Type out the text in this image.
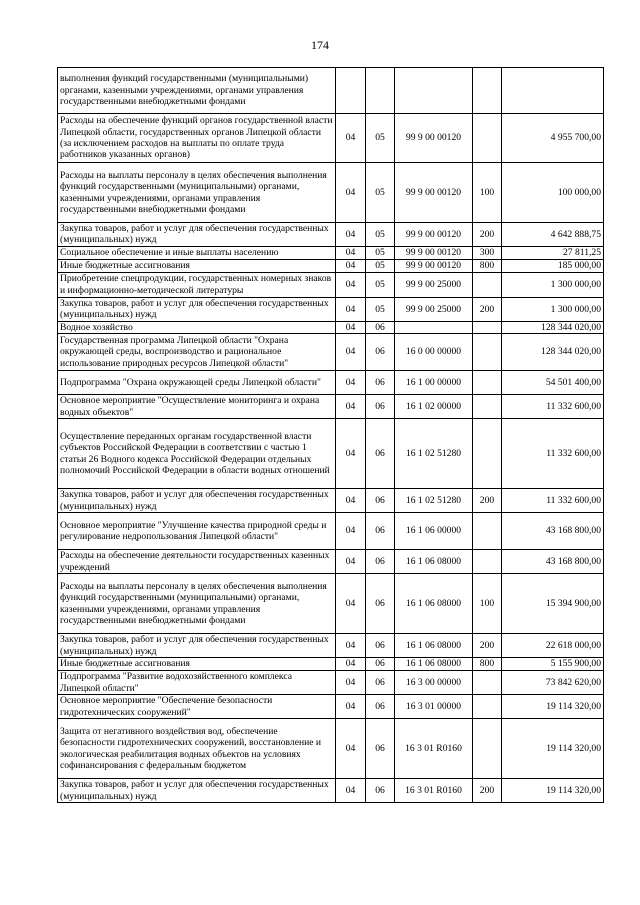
174
выполнения функций государственными (муниципальными) органами, казенными учреждениями, органами управления государственными внебюджетными фондами					
Расходы на обеспечение функций органов государственной власти Липецкой области, государственных органов Липецкой области (за исключением расходов на выплаты по оплате труда работников указанных органов)	04	05	99 9 00 00120		4 955 700,00
Расходы на выплаты персоналу в целях обеспечения выполнения функций государственными (муниципальными) органами, казенными учреждениями, органами управления государственными внебюджетными фондами	04	05	99 9 00 00120	100	100 000,00
Закупка товаров, работ и услуг для обеспечения государственных (муниципальных) нужд	04	05	99 9 00 00120	200	4 642 888,75
Социальное обеспечение и иные выплаты населению	04	05	99 9 00 00120	300	27 811,25
Иные бюджетные ассигнования	04	05	99 9 00 00120	800	185 000,00
Приобретение спецпродукции, государственных номерных знаков и информационно-методической литературы	04	05	99 9 00 25000		1 300 000,00
Закупка товаров, работ и услуг для обеспечения государственных (муниципальных) нужд	04	05	99 9 00 25000	200	1 300 000,00
Водное хозяйство	04	06			128 344 020,00
Государственная программа Липецкой области "Охрана окружающей среды, воспроизводство и рациональное использование природных ресурсов Липецкой области"	04	06	16 0 00 00000		128 344 020,00
Подпрограмма "Охрана окружающей среды Липецкой области"	04	06	16 1 00 00000		54 501 400,00
Основное мероприятие "Осуществление мониторинга и охрана водных объектов"	04	06	16 1 02 00000		11 332 600,00
Осуществление переданных органам государственной власти субъектов Российской Федерации в соответствии с частью 1 статьи 26 Водного кодекса Российской Федерации отдельных полномочий Российской Федерации в области водных отношений	04	06	16 1 02 51280		11 332 600,00
Закупка товаров, работ и услуг для обеспечения государственных (муниципальных) нужд	04	06	16 1 02 51280	200	11 332 600,00
Основное мероприятие "Улучшение качества природной среды и регулирование недропользования Липецкой области"	04	06	16 1 06 00000		43 168 800,00
Расходы на обеспечение деятельности государственных казенных учреждений	04	06	16 1 06 08000		43 168 800,00
Расходы на выплаты персоналу в целях обеспечения выполнения функций государственными (муниципальными) органами, казенными учреждениями, органами управления государственными внебюджетными фондами	04	06	16 1 06 08000	100	15 394 900,00
Закупка товаров, работ и услуг для обеспечения государственных (муниципальных) нужд	04	06	16 1 06 08000	200	22 618 000,00
Иные бюджетные ассигнования	04	06	16 1 06 08000	800	5 155 900,00
Подпрограмма "Развитие водохозяйственного комплекса Липецкой области"	04	06	16 3 00 00000		73 842 620,00
Основное мероприятие "Обеспечение безопасности гидротехнических сооружений"	04	06	16 3 01 00000		19 114 320,00
Защита от негативного воздействия вод, обеспечение безопасности гидротехнических сооружений, восстановление и экологическая реабилитация водных объектов на условиях софинансирования с федеральным бюджетом	04	06	16 3 01 R0160		19 114 320,00
Закупка товаров, работ и услуг для обеспечения государственных (муниципальных) нужд	04	06	16 3 01 R0160	200	19 114 320,00
